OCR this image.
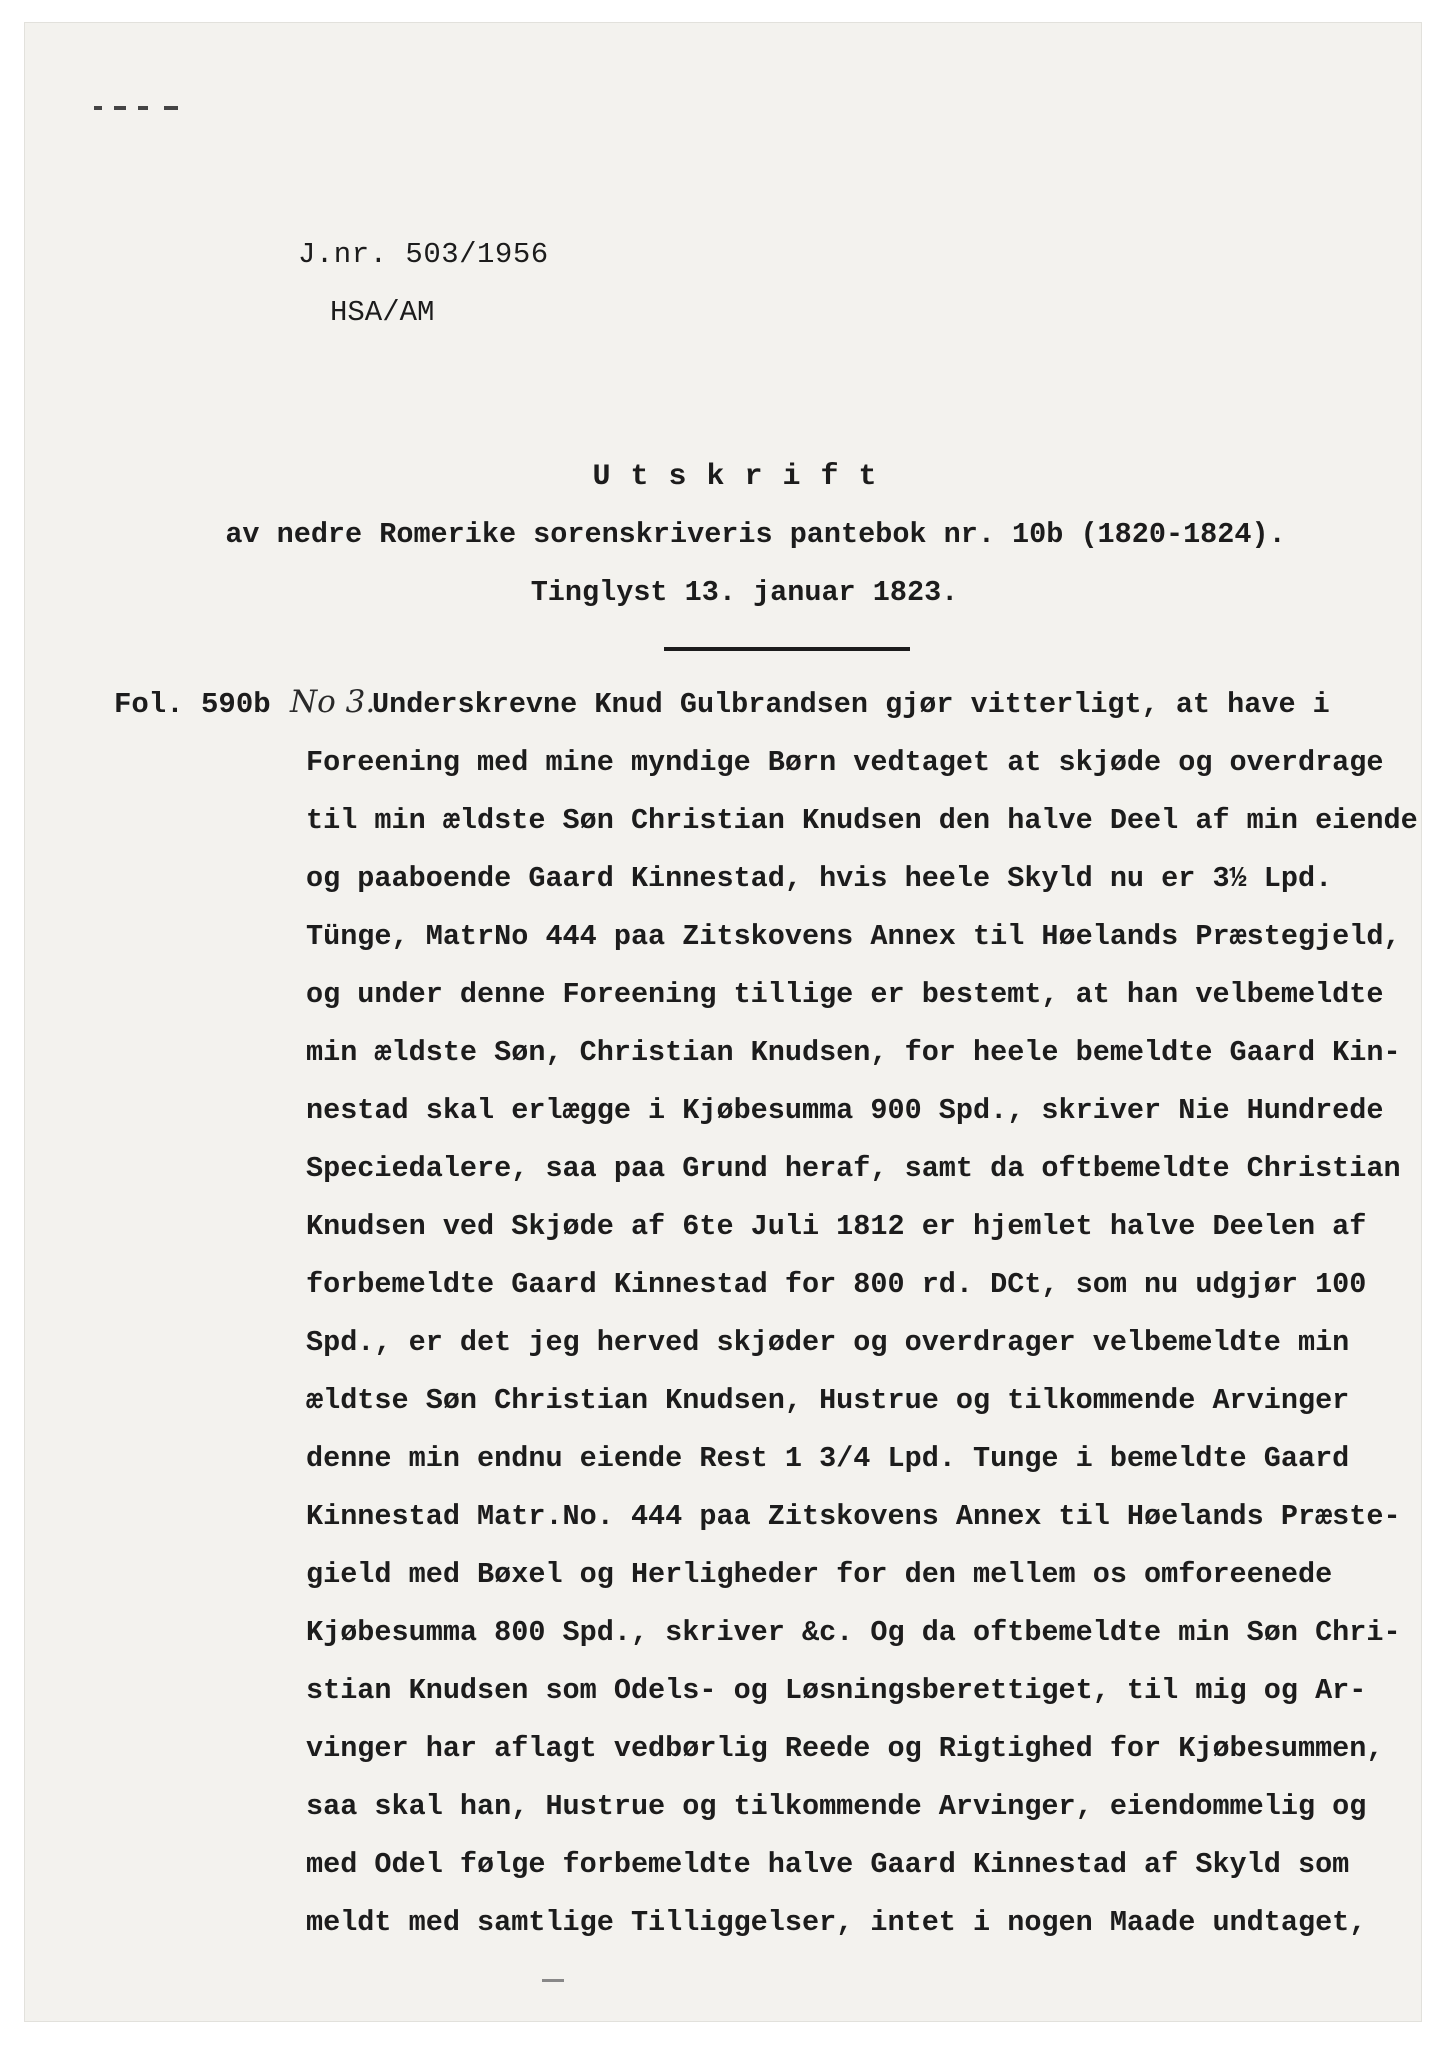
J.nr. 503/1956
HSA/AM
Utskrift
av nedre Romerike sorenskriveris pantebok nr. 10b (1820-1824).
Tinglyst 13. januar 1823.
Fol. 590b No 3.
Underskrevne Knud Gulbrandsen gjør vitterligt, at have i
Foreening med mine myndige Børn vedtaget at skjøde og overdrage
til min ældste Søn Christian Knudsen den halve Deel af min eiende
og paaboende Gaard Kinnestad, hvis heele Skyld nu er 3½ Lpd.
Tünge, MatrNo 444 paa Zitskovens Annex til Høelands Præstegjeld,
og under denne Foreening tillige er bestemt, at han velbemeldte
min ældste Søn, Christian Knudsen, for heele bemeldte Gaard Kin-
nestad skal erlægge i Kjøbesumma 900 Spd., skriver Nie Hundrede
Speciedalere, saa paa Grund heraf, samt da oftbemeldte Christian
Knudsen ved Skjøde af 6te Juli 1812 er hjemlet halve Deelen af
forbemeldte Gaard Kinnestad for 800 rd. DCt, som nu udgjør 100
Spd., er det jeg herved skjøder og overdrager velbemeldte min
ældtse Søn Christian Knudsen, Hustrue og tilkommende Arvinger
denne min endnu eiende Rest 1 3/4 Lpd. Tunge i bemeldte Gaard
Kinnestad Matr.No. 444 paa Zitskovens Annex til Høelands Præste-
gield med Bøxel og Herligheder for den mellem os omforeenede
Kjøbesumma 800 Spd., skriver &c. Og da oftbemeldte min Søn Chri-
stian Knudsen som Odels- og Løsningsberettiget, til mig og Ar-
vinger har aflagt vedbørlig Reede og Rigtighed for Kjøbesummen,
saa skal han, Hustrue og tilkommende Arvinger, eiendommelig og
med Odel følge forbemeldte halve Gaard Kinnestad af Skyld som
meldt med samtlige Tilliggelser, intet i nogen Maade undtaget,
